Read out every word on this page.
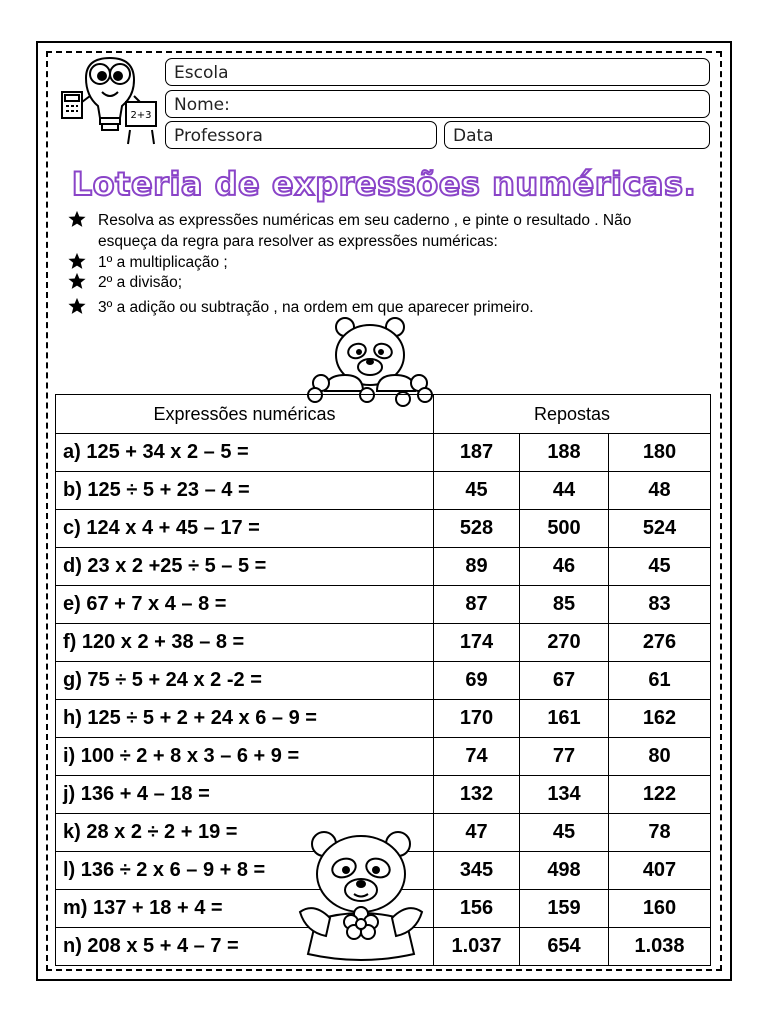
2+3
Escola
Nome:
Professora	Data
Loteria de expressões numéricas.
Resolva as expressões numéricas em seu caderno , e pinte o resultado . Não
esqueça da regra para resolver as expressões numéricas:
1º a multiplicação ;
2º a divisão;
3º a adição ou subtração , na ordem em que aparecer primeiro.
Expressões numéricas	Repostas		
a) 125 + 34 x 2 – 5 =	187	188	180
b) 125 ÷ 5 + 23 – 4 =	45	44	48
c) 124 x 4 + 45 – 17 =	528	500	524
d) 23 x 2 +25 ÷ 5 – 5 =	89	46	45
e) 67 + 7 x 4 – 8 =	87	85	83
f) 120 x 2 + 38 – 8 =	174	270	276
g) 75 ÷ 5 + 24 x 2 -2 =	69	67	61
h) 125 ÷ 5 + 2 + 24 x 6 – 9 =	170	161	162
i) 100 ÷ 2 + 8 x 3 – 6 + 9 =	74	77	80
j) 136 + 4 – 18 =	132	134	122
k) 28 x 2 ÷ 2 + 19 =	47	45	78
l) 136 ÷ 2 x 6 – 9 + 8 =	345	498	407
m) 137 + 18 + 4 =	156	159	160
n) 208 x 5 + 4 – 7 =	1.037	654	1.038
